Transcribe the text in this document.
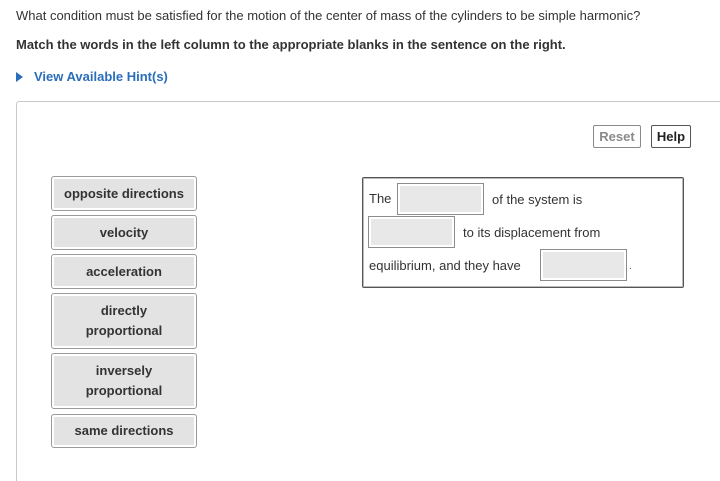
What condition must be satisfied for the motion of the center of mass of the cylinders to be simple harmonic?
Match the words in the left column to the appropriate blanks in the sentence on the right.
View Available Hint(s)
Reset	Help
opposite directions
velocity
acceleration
directly
proportional
inversely
proportional
same directions
The	of the system is
to its displacement from
equilibrium, and they have	.
